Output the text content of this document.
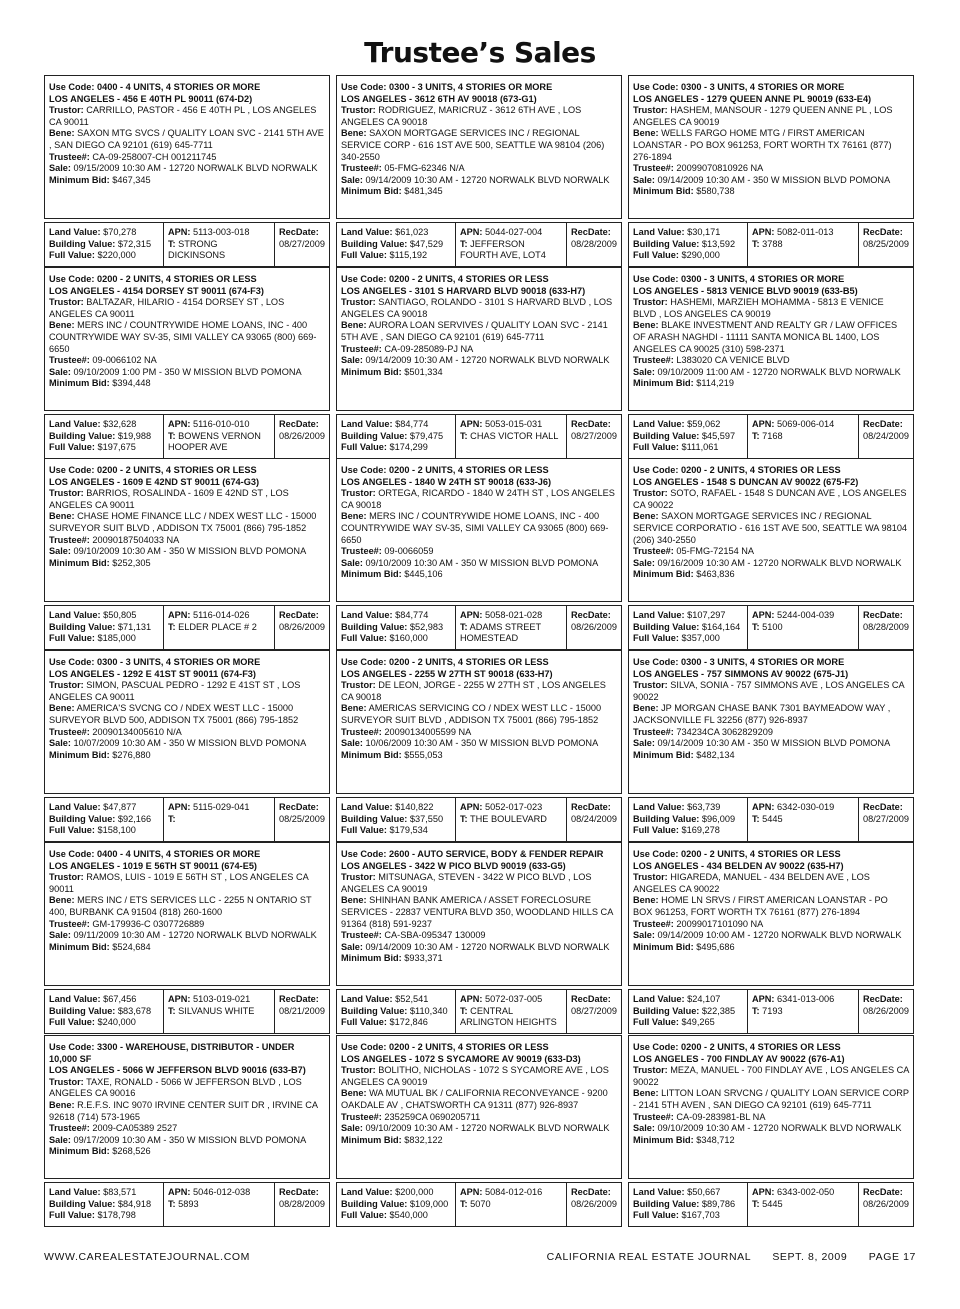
Trustee’s Sales
Use Code: 0400 - 4 UNITS, 4 STORIES OR MORE
LOS ANGELES - 456 E 40TH PL 90011 (674-D2)
Trustor: CARRILLO, PASTOR - 456 E 40TH PL , LOS ANGELES CA 90011
Bene: SAXON MTG SVCS / QUALITY LOAN SVC - 2141 5TH AVE , SAN DIEGO CA 92101 (619) 645-7711
Trustee#: CA-09-258007-CH 001211745
Sale: 09/15/2009 10:30 AM - 12720 NORWALK BLVD NORWALK
Minimum Bid: $467,345
Land Value: $70,278
Building Value: $72,315
Full Value: $220,000
APN: 5113-003-018
T: STRONG DICKINSONS
RecDate:
08/27/2009
Use Code: 0300 - 3 UNITS, 4 STORIES OR MORE
LOS ANGELES - 3612 6TH AV 90018 (673-G1)
Trustor: RODRIGUEZ, MARICRUZ - 3612 6TH AVE , LOS ANGELES CA 90018
Bene: SAXON MORTGAGE SERVICES INC / REGIONAL SERVICE CORP - 616 1ST AVE 500, SEATTLE WA 98104 (206) 340-2550
Trustee#: 05-FMG-62346 N/A
Sale: 09/14/2009 10:30 AM - 12720 NORWALK BLVD NORWALK
Minimum Bid: $481,345
Land Value: $61,023
Building Value: $47,529
Full Value: $115,192
APN: 5044-027-004
T: JEFFERSON FOURTH AVE, LOT4
RecDate:
08/28/2009
Use Code: 0300 - 3 UNITS, 4 STORIES OR MORE
LOS ANGELES - 1279 QUEEN ANNE PL 90019 (633-E4)
Trustor: HASHEM, MANSOUR - 1279 QUEEN ANNE PL , LOS ANGELES CA 90019
Bene: WELLS FARGO HOME MTG / FIRST AMERICAN LOANSTAR - PO BOX 961253, FORT WORTH TX 76161 (877) 276-1894
Trustee#: 20099070810926 NA
Sale: 09/14/2009 10:30 AM - 350 W MISSION BLVD POMONA
Minimum Bid: $580,738
Land Value: $30,171
Building Value: $13,592
Full Value: $290,000
APN: 5082-011-013
T: 3788
RecDate:
08/25/2009
Use Code: 0200 - 2 UNITS, 4 STORIES OR LESS
LOS ANGELES - 4154 DORSEY ST 90011 (674-F3)
Trustor: BALTAZAR, HILARIO - 4154 DORSEY ST , LOS ANGELES CA 90011
Bene: MERS INC / COUNTRYWIDE HOME LOANS, INC - 400 COUNTRYWIDE WAY SV-35, SIMI VALLEY CA 93065 (800) 669-6650
Trustee#: 09-0066102 NA
Sale: 09/10/2009 1:00 PM - 350 W MISSION BLVD POMONA
Minimum Bid: $394,448
Land Value: $32,628
Building Value: $19,988
Full Value: $197,675
APN: 5116-010-010
T: BOWENS VERNON HOOPER AVE
RecDate:
08/26/2009
Use Code: 0200 - 2 UNITS, 4 STORIES OR LESS
LOS ANGELES - 3101 S HARVARD BLVD 90018 (633-H7)
Trustor: SANTIAGO, ROLANDO - 3101 S HARVARD BLVD , LOS ANGELES CA 90018
Bene: AURORA LOAN SERVIVES / QUALITY LOAN SVC - 2141 5TH AVE , SAN DIEGO CA 92101 (619) 645-7711
Trustee#: CA-09-285089-PJ NA
Sale: 09/14/2009 10:30 AM - 12720 NORWALK BLVD NORWALK
Minimum Bid: $501,334
Land Value: $84,774
Building Value: $79,475
Full Value: $174,299
APN: 5053-015-031
T: CHAS VICTOR HALL
RecDate:
08/27/2009
Use Code: 0300 - 3 UNITS, 4 STORIES OR MORE
LOS ANGELES - 5813 VENICE BLVD 90019 (633-B5)
Trustor: HASHEMI, MARZIEH MOHAMMA - 5813 E VENICE BLVD , LOS ANGELES CA 90019
Bene: BLAKE INVESTMENT AND REALTY GR / LAW OFFICES OF ARASH NAGHDI - 11111 SANTA MONICA BL 1400, LOS ANGELES CA 90025 (310) 598-2371
Trustee#: L383020 CA VENICE BLVD
Sale: 09/10/2009 11:00 AM - 12720 NORWALK BLVD NORWALK
Minimum Bid: $114,219
Land Value: $59,062
Building Value: $45,597
Full Value: $111,061
APN: 5069-006-014
T: 7168
RecDate:
08/24/2009
Use Code: 0200 - 2 UNITS, 4 STORIES OR LESS
LOS ANGELES - 1609 E 42ND ST 90011 (674-G3)
Trustor: BARRIOS, ROSALINDA - 1609 E 42ND ST , LOS ANGELES CA 90011
Bene: CHASE HOME FINANCE LLC / NDEX WEST LLC - 15000 SURVEYOR SUIT BLVD , ADDISON TX 75001 (866) 795-1852
Trustee#: 20090187504033 NA
Sale: 09/10/2009 10:30 AM - 350 W MISSION BLVD POMONA
Minimum Bid: $252,305
Land Value: $50,805
Building Value: $71,131
Full Value: $185,000
APN: 5116-014-026
T: ELDER PLACE # 2
RecDate:
08/26/2009
Use Code: 0200 - 2 UNITS, 4 STORIES OR LESS
LOS ANGELES - 1840 W 24TH ST 90018 (633-J6)
Trustor: ORTEGA, RICARDO - 1840 W 24TH ST , LOS ANGELES CA 90018
Bene: MERS INC / COUNTRYWIDE HOME LOANS, INC - 400 COUNTRYWIDE WAY SV-35, SIMI VALLEY CA 93065 (800) 669-6650
Trustee#: 09-0066059
Sale: 09/10/2009 10:30 AM - 350 W MISSION BLVD POMONA
Minimum Bid: $445,106
Land Value: $84,774
Building Value: $52,983
Full Value: $160,000
APN: 5058-021-028
T: ADAMS STREET HOMESTEAD
RecDate:
08/26/2009
Use Code: 0200 - 2 UNITS, 4 STORIES OR LESS
LOS ANGELES - 1548 S DUNCAN AV 90022 (675-F2)
Trustor: SOTO, RAFAEL - 1548 S DUNCAN AVE , LOS ANGELES CA 90022
Bene: SAXON MORTGAGE SERVICES INC / REGIONAL SERVICE CORPORATIO - 616 1ST AVE 500, SEATTLE WA 98104 (206) 340-2550
Trustee#: 05-FMG-72154 NA
Sale: 09/16/2009 10:30 AM - 12720 NORWALK BLVD NORWALK
Minimum Bid: $463,836
Land Value: $107,297
Building Value: $164,164
Full Value: $357,000
APN: 5244-004-039
T: 5100
RecDate:
08/28/2009
Use Code: 0300 - 3 UNITS, 4 STORIES OR MORE
LOS ANGELES - 1292 E 41ST ST 90011 (674-F3)
Trustor: SIMON, PASCUAL PEDRO - 1292 E 41ST ST , LOS ANGELES CA 90011
Bene: AMERICA'S SVCNG CO / NDEX WEST LLC - 15000 SURVEYOR BLVD 500, ADDISON TX 75001 (866) 795-1852
Trustee#: 20090134005610 N/A
Sale: 10/07/2009 10:30 AM - 350 W MISSION BLVD POMONA
Minimum Bid: $276,880
Land Value: $47,877
Building Value: $92,166
Full Value: $158,100
APN: 5115-029-041
T:
RecDate:
08/25/2009
Use Code: 0200 - 2 UNITS, 4 STORIES OR LESS
LOS ANGELES - 2255 W 27TH ST 90018 (633-H7)
Trustor: DE LEON, JORGE - 2255 W 27TH ST , LOS ANGELES CA 90018
Bene: AMERICAS SERVICING CO / NDEX WEST LLC - 15000 SURVEYOR SUIT BLVD , ADDISON TX 75001 (866) 795-1852
Trustee#: 20090134005599 NA
Sale: 10/06/2009 10:30 AM - 350 W MISSION BLVD POMONA
Minimum Bid: $555,053
Land Value: $140,822
Building Value: $37,550
Full Value: $179,534
APN: 5052-017-023
T: THE BOULEVARD
RecDate:
08/24/2009
Use Code: 0300 - 3 UNITS, 4 STORIES OR MORE
LOS ANGELES - 757 SIMMONS AV 90022 (675-J1)
Trustor: SILVA, SONIA - 757 SIMMONS AVE , LOS ANGELES CA 90022
Bene: JP MORGAN CHASE BANK 7301 BAYMEADOW WAY , JACKSONVILLE FL 32256 (877) 926-8937
Trustee#: 734234CA 3062829209
Sale: 09/14/2009 10:30 AM - 350 W MISSION BLVD POMONA
Minimum Bid: $482,134
Land Value: $63,739
Building Value: $96,009
Full Value: $169,278
APN: 6342-030-019
T: 5445
RecDate:
08/27/2009
Use Code: 0400 - 4 UNITS, 4 STORIES OR MORE
LOS ANGELES - 1019 E 56TH ST 90011 (674-E5)
Trustor: RAMOS, LUIS - 1019 E 56TH ST , LOS ANGELES CA 90011
Bene: MERS INC / ETS SERVICES LLC - 2255 N ONTARIO ST 400, BURBANK CA 91504 (818) 260-1600
Trustee#: GM-179936-C 0307726889
Sale: 09/11/2009 10:30 AM - 12720 NORWALK BLVD NORWALK
Minimum Bid: $524,684
Land Value: $67,456
Building Value: $83,678
Full Value: $240,000
APN: 5103-019-021
T: SILVANUS WHITE
RecDate:
08/21/2009
Use Code: 2600 - AUTO SERVICE, BODY & FENDER REPAIR
LOS ANGELES - 3422 W PICO BLVD 90019 (633-G5)
Trustor: MITSUNAGA, STEVEN - 3422 W PICO BLVD , LOS ANGELES CA 90019
Bene: SHINHAN BANK AMERICA / ASSET FORECLOSURE SERVICES - 22837 VENTURA BLVD 350, WOODLAND HILLS CA 91364 (818) 591-9237
Trustee#: CA-SBA-095347 130009
Sale: 09/14/2009 10:30 AM - 12720 NORWALK BLVD NORWALK
Minimum Bid: $933,371
Land Value: $52,541
Building Value: $110,340
Full Value: $172,846
APN: 5072-037-005
T: CENTRAL ARLINGTON HEIGHTS
RecDate:
08/27/2009
Use Code: 0200 - 2 UNITS, 4 STORIES OR LESS
LOS ANGELES - 434 BELDEN AV 90022 (635-H7)
Trustor: HIGAREDA, MANUEL - 434 BELDEN AVE , LOS ANGELES CA 90022
Bene: HOME LN SRVS / FIRST AMERICAN LOANSTAR - PO BOX 961253, FORT WORTH TX 76161 (877) 276-1894
Trustee#: 20099017101090 NA
Sale: 09/14/2009 10:00 AM - 12720 NORWALK BLVD NORWALK
Minimum Bid: $495,686
Land Value: $24,107
Building Value: $22,385
Full Value: $49,265
APN: 6341-013-006
T: 7193
RecDate:
08/26/2009
Use Code: 3300 - WAREHOUSE, DISTRIBUTOR - UNDER 10,000 SF
LOS ANGELES - 5066 W JEFFERSON BLVD 90016 (633-B7)
Trustor: TAXE, RONALD - 5066 W JEFFERSON BLVD , LOS ANGELES CA 90016
Bene: R.E.F.S. INC 9070 IRVINE CENTER SUIT DR , IRVINE CA 92618 (714) 573-1965
Trustee#: 2009-CA05389 2527
Sale: 09/17/2009 10:30 AM - 350 W MISSION BLVD POMONA
Minimum Bid: $268,526
Land Value: $83,571
Building Value: $84,918
Full Value: $178,798
APN: 5046-012-038
T: 5893
RecDate:
08/28/2009
Use Code: 0200 - 2 UNITS, 4 STORIES OR LESS
LOS ANGELES - 1072 S SYCAMORE AV 90019 (633-D3)
Trustor: BOLITHO, NICHOLAS - 1072 S SYCAMORE AVE , LOS ANGELES CA 90019
Bene: WA MUTUAL BK / CALIFORNIA RECONVEYANCE - 9200 OAKDALE AV , CHATSWORTH CA 91311 (877) 926-8937
Trustee#: 235259CA 0690205711
Sale: 09/10/2009 10:30 AM - 12720 NORWALK BLVD NORWALK
Minimum Bid: $832,122
Land Value: $200,000
Building Value: $109,000
Full Value: $540,000
APN: 5084-012-016
T: 5070
RecDate:
08/26/2009
Use Code: 0200 - 2 UNITS, 4 STORIES OR LESS
LOS ANGELES - 700 FINDLAY AV 90022 (676-A1)
Trustor: MEZA, MANUEL - 700 FINDLAY AVE , LOS ANGELES CA 90022
Bene: LITTON LOAN SRVCNG / QUALITY LOAN SERVICE CORP - 2141 5TH AVEN , SAN DIEGO CA 92101 (619) 645-7711
Trustee#: CA-09-283981-BL NA
Sale: 09/10/2009 10:30 AM - 12720 NORWALK BLVD NORWALK
Minimum Bid: $348,712
Land Value: $50,667
Building Value: $89,786
Full Value: $167,703
APN: 6343-002-050
T: 5445
RecDate:
08/26/2009
WWW.CAREALESTATEJOURNAL.COM	CALIFORNIA REAL ESTATE JOURNAL SEPT. 8, 2009 PAGE 17
